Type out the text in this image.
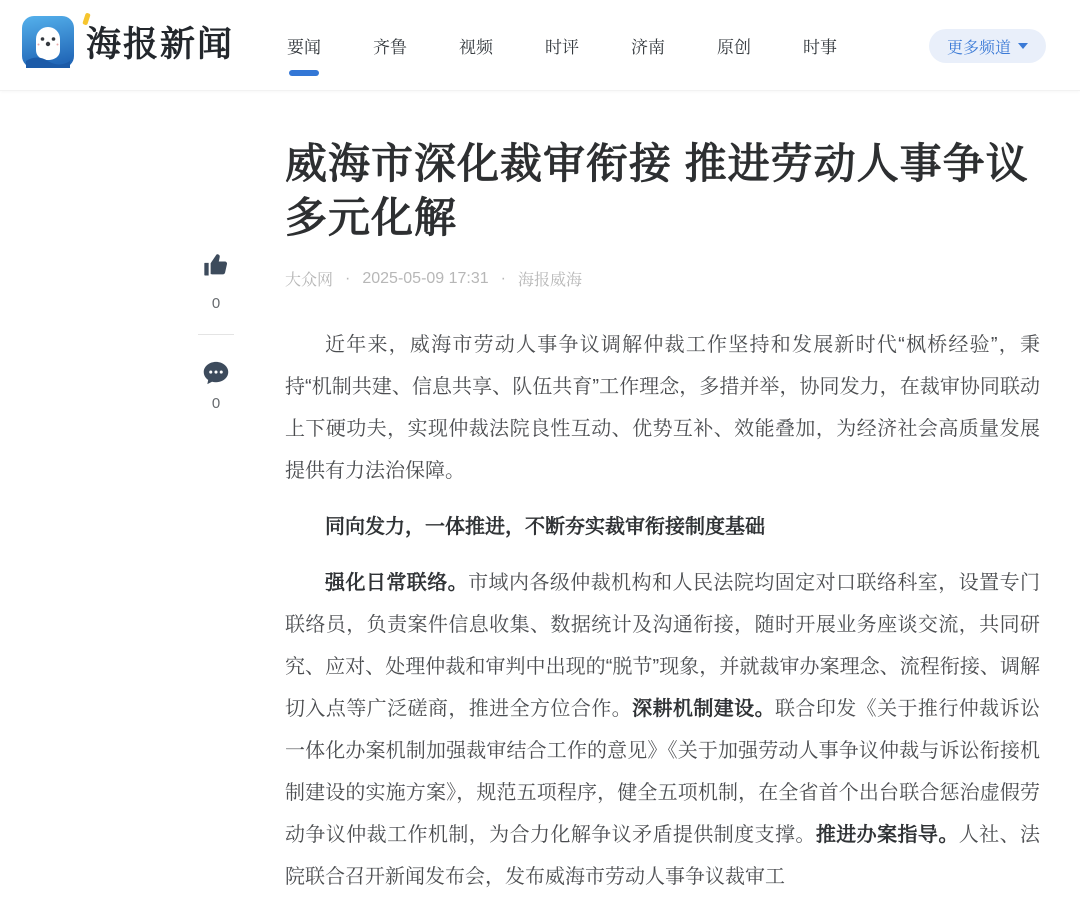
海报新闻	要闻	齐鲁	视频	时评	济南	原创	时事	更多频道
0
0
威海市深化裁审衔接 推进劳动人事争议多元化解
大众网 · 2025-05-09 17:31 · 海报威海

近年来，威海市劳动人事争议调解仲裁工作坚持和发展新时代“枫桥经验”，秉持“机制共建、信息共享、队伍共育”工作理念，多措并举，协同发力，在裁审协同联动上下硬功夫，实现仲裁法院良性互动、优势互补、效能叠加，为经济社会高质量发展提供有力法治保障。

同向发力，一体推进，不断夯实裁审衔接制度基础

强化日常联络。市域内各级仲裁机构和人民法院均固定对口联络科室，设置专门联络员，负责案件信息收集、数据统计及沟通衔接，随时开展业务座谈交流，共同研究、应对、处理仲裁和审判中出现的“脱节”现象，并就裁审办案理念、流程衔接、调解切入点等广泛磋商，推进全方位合作。深耕机制建设。联合印发《关于推行仲裁诉讼一体化办案机制加强裁审结合工作的意见》《关于加强劳动人事争议仲裁与诉讼衔接机制建设的实施方案》，规范五项程序，健全五项机制，在全省首个出台联合惩治虚假劳动争议仲裁工作机制，为合力化解争议矛盾提供制度支撑。推进办案指导。人社、法院联合召开新闻发布会，发布威海市劳动人事争议裁审工
